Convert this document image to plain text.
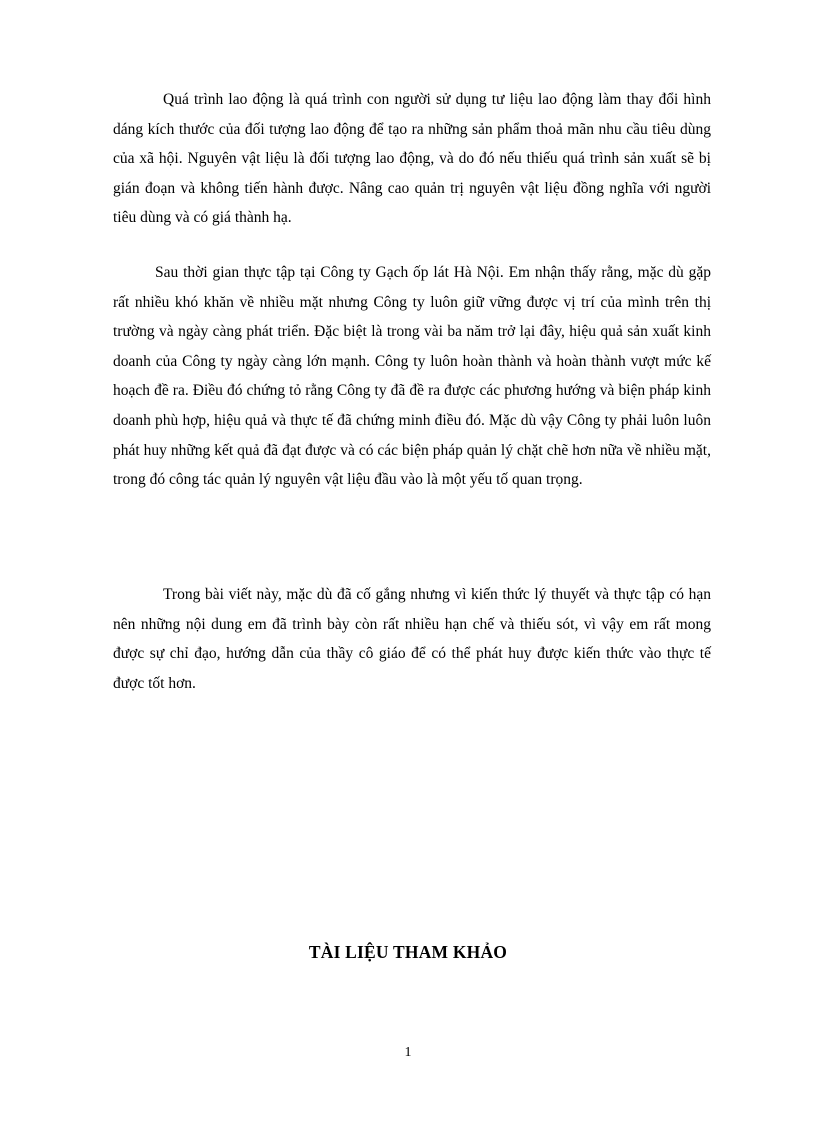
Quá trình lao động là quá trình con người sử dụng tư liệu lao động làm thay đổi hình dáng kích thước của đối tượng lao động để tạo ra những sản phẩm thoả mãn nhu cầu tiêu dùng của xã hội. Nguyên vật liệu là đối tượng lao động, và do đó nếu thiếu quá trình sản xuất sẽ bị gián đoạn và không tiến hành được. Nâng cao quản trị nguyên vật liệu đồng nghĩa với người tiêu dùng và có giá thành hạ.

Sau thời gian thực tập tại Công ty Gạch ốp lát Hà Nội. Em nhận thấy rằng, mặc dù gặp rất nhiều khó khăn về nhiều mặt nhưng Công ty luôn giữ vững được vị trí của mình trên thị trường và ngày càng phát triển. Đặc biệt là trong vài ba năm trở lại đây, hiệu quả sản xuất kinh doanh của Công ty ngày càng lớn mạnh. Công ty luôn hoàn thành và hoàn thành vượt mức kế hoạch đề ra. Điều đó chứng tỏ rằng Công ty đã đề ra được các phương hướng và biện pháp kinh doanh phù hợp, hiệu quả và thực tế đã chứng minh điều đó. Mặc dù vậy Công ty phải luôn luôn phát huy những kết quả đã đạt được và có các biện pháp quản lý chặt chẽ hơn nữa về nhiều mặt, trong đó công tác quản lý nguyên vật liệu đầu vào là một yếu tố quan trọng.

Trong bài viết này, mặc dù đã cố gắng nhưng vì kiến thức lý thuyết và thực tập có hạn nên những nội dung em đã trình bày còn rất nhiều hạn chế và thiếu sót, vì vậy em rất mong được sự chỉ đạo, hướng dẫn của thầy cô giáo để có thể phát huy được kiến thức vào thực tế được tốt hơn.

TÀI LIỆU THAM KHẢO
1
